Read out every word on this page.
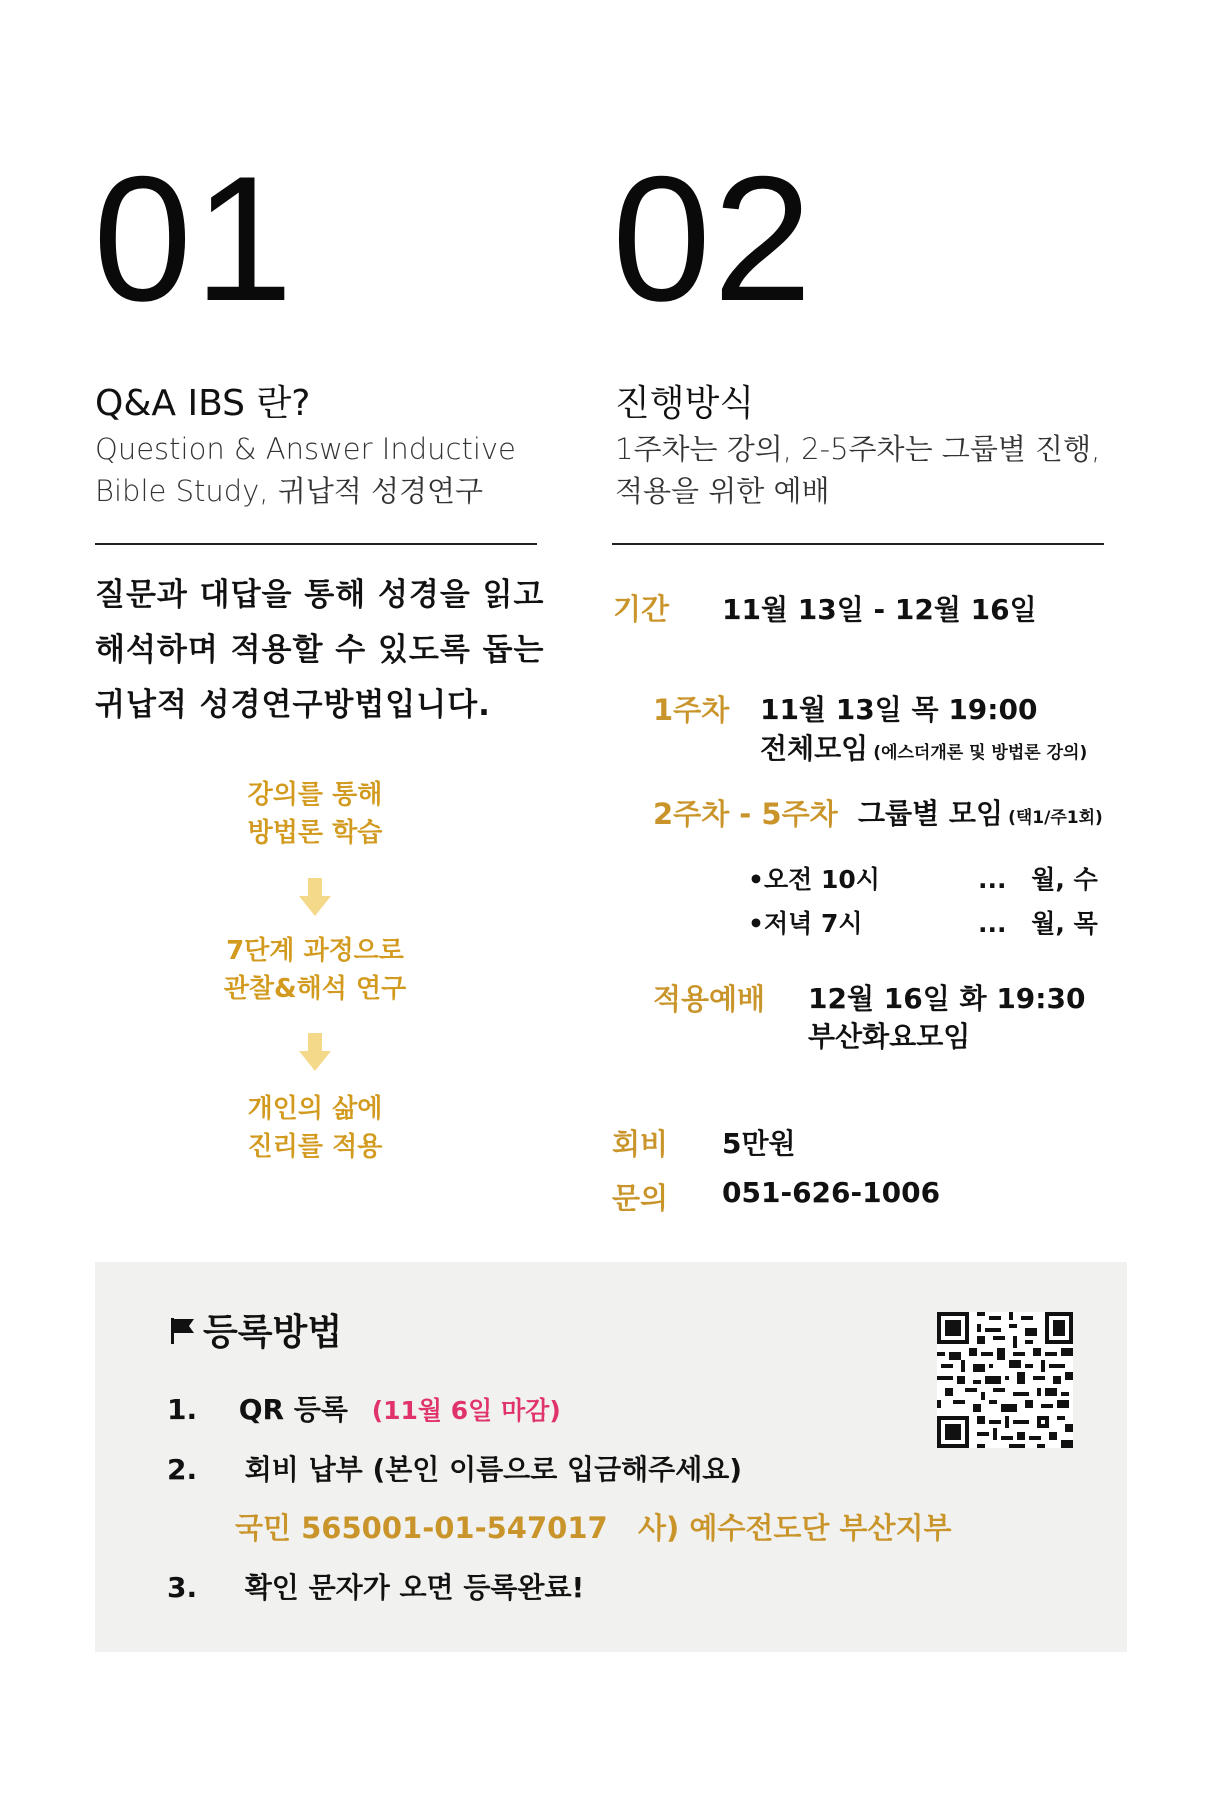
01
Q&A IBS 란?
Question & Answer Inductive
Bible Study, 귀납적 성경연구
질문과 대답을 통해 성경을 읽고
해석하며 적용할 수 있도록 돕는
귀납적 성경연구방법입니다.
강의를 통해
방법론 학습
7단계 과정으로
관찰&해석 연구
개인의 삶에
진리를 적용
02
진행방식
1주차는 강의, 2-5주차는 그룹별 진행,
적용을 위한 예배
기간 11월 13일 - 12월 16일
1주차 11월 13일 목 19:00
전체모임 (에스더개론 및 방법론 강의)
2주차 - 5주차 그룹별 모임 (택1/주1회)
•오전 10시	... 월, 수
•저녁 7시	... 월, 목
적용예배 12월 16일 화 19:30
부산화요모임
회비 5만원
문의 051-626-1006
등록방법
1. QR 등록 (11월 6일 마감)
2. 회비 납부 (본인 이름으로 입금해주세요)
국민 565001-01-547017   사) 예수전도단 부산지부
3. 확인 문자가 오면 등록완료!
